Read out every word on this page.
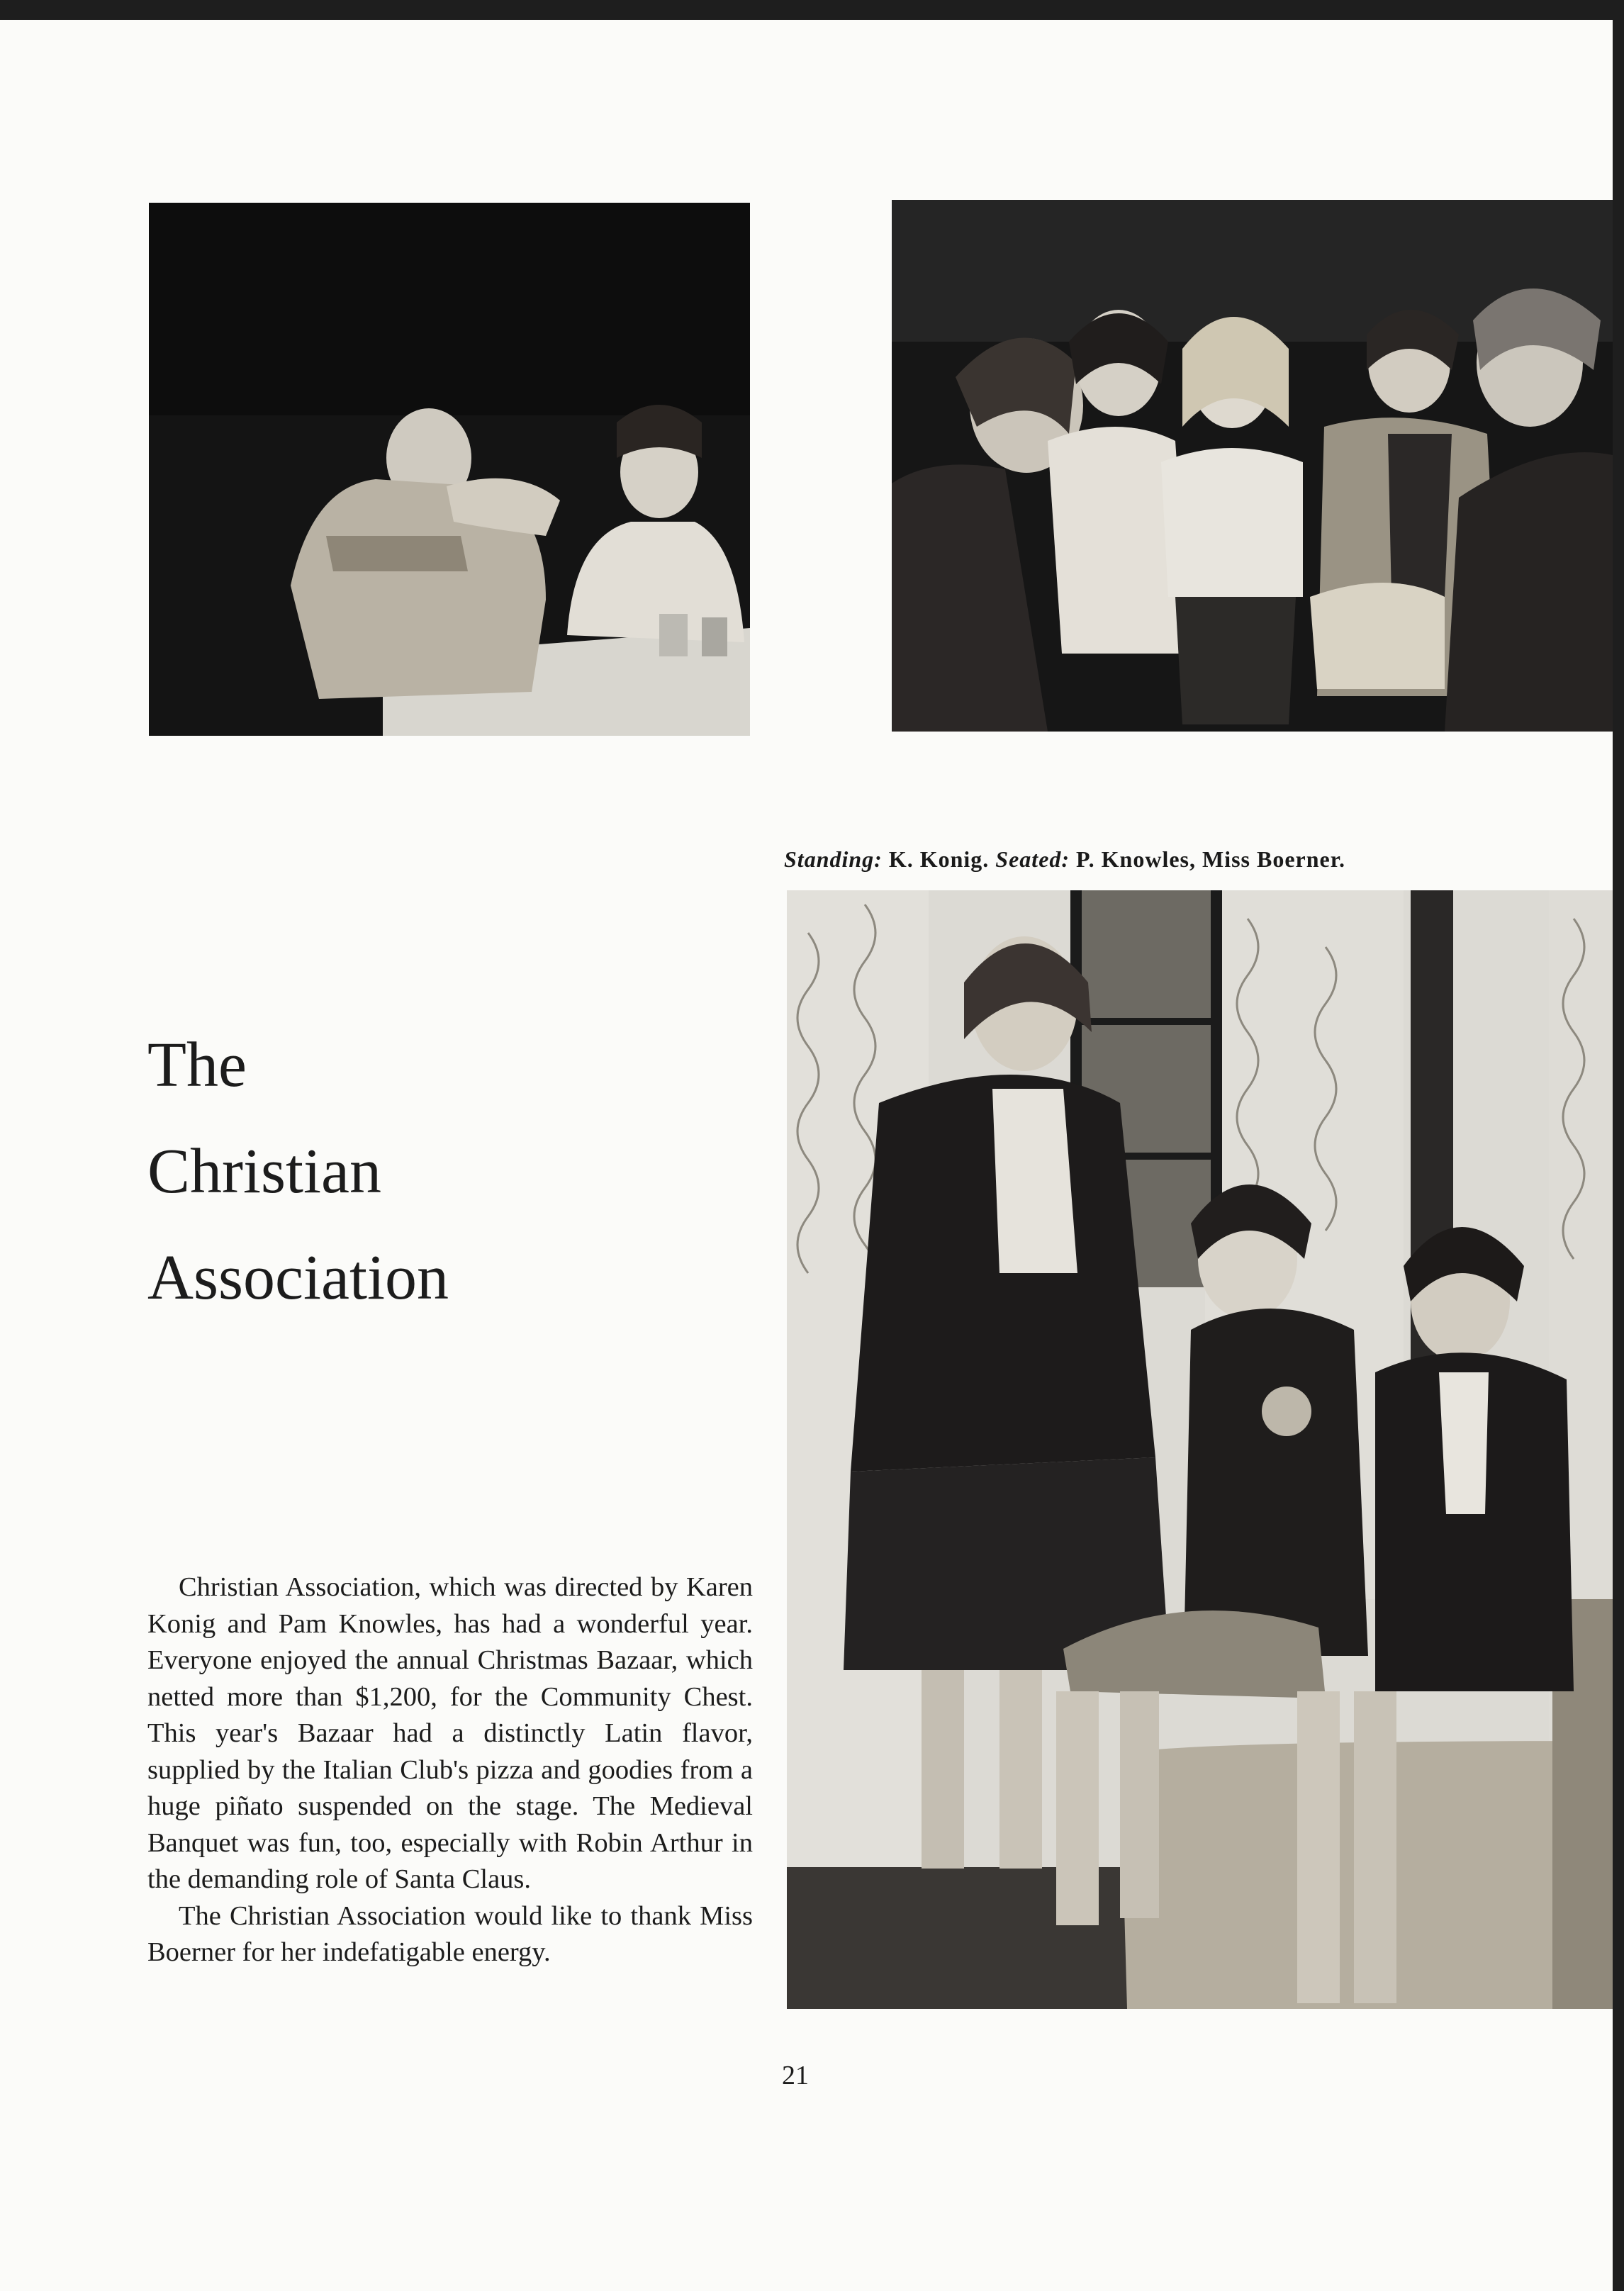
Standing: K. Konig. Seated: P. Knowles, Miss Boerner.
The
Christian
Association

Christian Association, which was directed by Karen Konig and Pam Knowles, has had a wonderful year. Everyone enjoyed the annual Christmas Bazaar, which netted more than $1,200, for the Community Chest. This year's Bazaar had a distinctly Latin flavor, supplied by the Italian Club's pizza and goodies from a huge piñato suspended on the stage. The Medieval Banquet was fun, too, especially with Robin Arthur in the demanding role of Santa Claus.

The Christian Association would like to thank Miss Boerner for her indefatigable energy.

21
